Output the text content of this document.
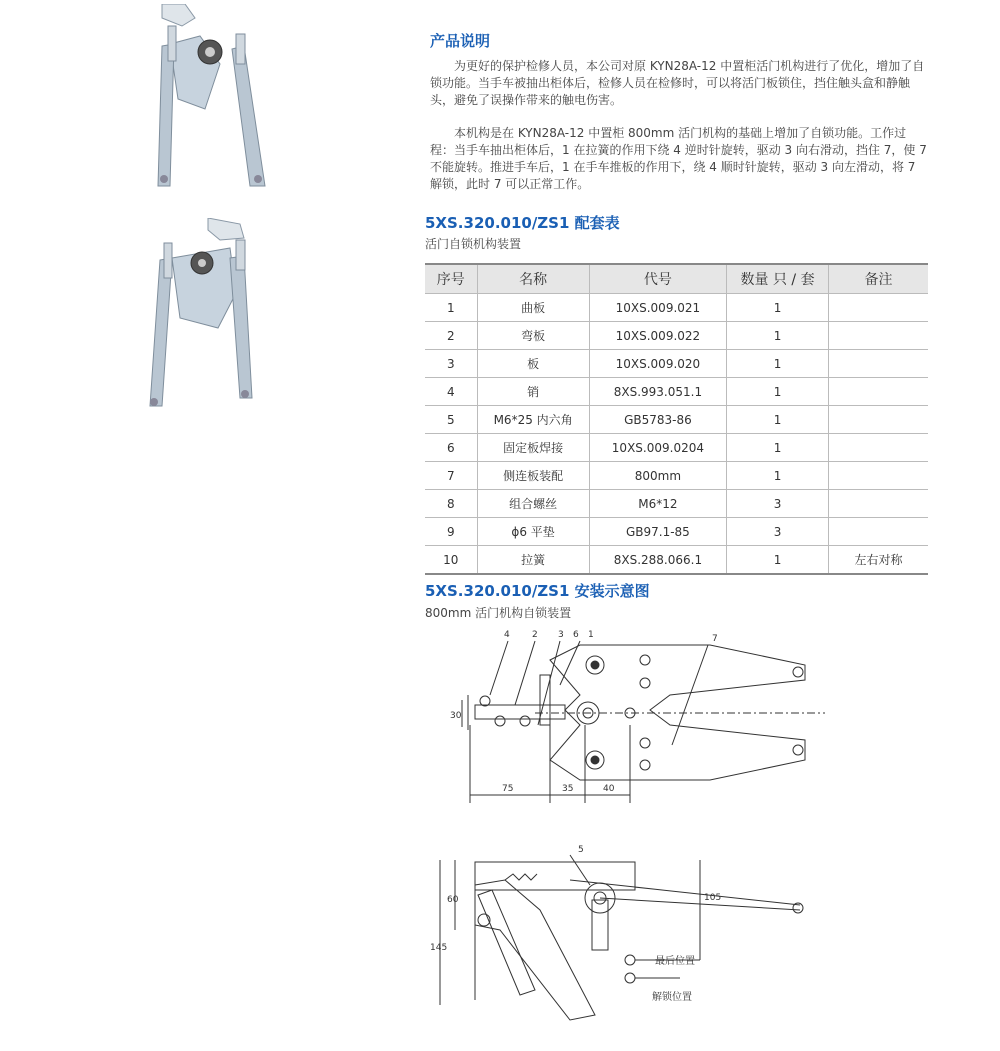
产品说明

为更好的保护检修人员，本公司对原 KYN28A-12 中置柜活门机构进行了优化，增加了自锁功能。当手车被抽出柜体后，检修人员在检修时，可以将活门板锁住，挡住触头盒和静触头，避免了误操作带来的触电伤害。

本机构是在 KYN28A-12 中置柜 800mm 活门机构的基础上增加了自锁功能。工作过程：当手车抽出柜体后，1 在拉簧的作用下绕 4 逆时针旋转，驱动 3 向右滑动，挡住 7，使 7 不能旋转。推进手车后，1 在手车推板的作用下，绕 4 顺时针旋转，驱动 3 向左滑动，将 7 解锁，此时 7 可以正常工作。

5XS.320.010/ZS1 配套表

活门自锁机构装置

序号	名称	代号	数量 只 / 套	备注
1	曲板	10XS.009.021	1	
2	弯板	10XS.009.022	1	
3	板	10XS.009.020	1	
4	销	8XS.993.051.1	1	
5	M6*25 内六角	GB5783-86	1	
6	固定板焊接	10XS.009.0204	1	
7	侧连板装配	800mm	1	
8	组合螺丝	M6*12	3	
9	ϕ6 平垫	GB97.1-85	3	
10	拉簧	8XS.288.066.1	1	左右对称
5XS.320.010/ZS1 安装示意图

800mm 活门机构自锁装置

4 2 3 6 1	7
30
75	35	40
5
60	105
145
最后位置
解锁位置
